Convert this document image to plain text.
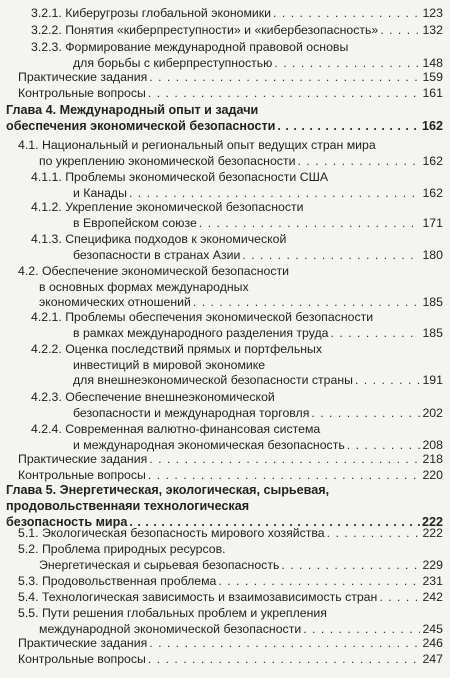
3.2.1. Киберугрозы глобальной экономики . . .	123
3.2.2. Понятия «киберпреступности» и «кибербезопасность» . . .	132
3.2.3. Формирование международной правовой основы
для борьбы с киберпреступностью . . .	148
Практические задания . . .	159
Контрольные вопросы . . .	161
Глава 4. Международный опыт и задачи
обеспечения экономической безопасности . . .	162
4.1. Национальный и региональный опыт ведущих стран мира
по укреплению экономической безопасности . . .	162
4.1.1. Проблемы экономической безопасности США
и Канады . . .	162
4.1.2. Укрепление экономической безопасности
в Европейском союзе . . .	171
4.1.3. Специфика подходов к экономической
безопасности в странах Азии . . .	180
4.2. Обеспечение экономической безопасности
в основных формах международных
экономических отношений . . .	185
4.2.1. Проблемы обеспечения экономической безопасности
в рамках международного разделения труда . . .	185
4.2.2. Оценка последствий прямых и портфельных
инвестиций в мировой экономике
для внешнеэкономической безопасности страны . . .	191
4.2.3. Обеспечение внешнеэкономической
безопасности и международная торговля . . .	202
4.2.4. Современная валютно-финансовая система
и международная экономическая безопасность . . .	208
Практические задания . . .	218
Контрольные вопросы . . .	220
Глава 5. Энергетическая, экологическая, сырьевая,
продовольственнаяи технологическая
безопасность мира . . .	222
5.1. Экологическая безопасность мирового хозяйства . . .	222
5.2. Проблема природных ресурсов.
Энергетическая и сырьевая безопасность . . .	229
5.3. Продовольственная проблема . . .	231
5.4. Технологическая зависимость и взаимозависимость стран . . .	242
5.5. Пути решения глобальных проблем и укрепления
международной экономической безопасности . . .	245
Практические задания . . .	246
Контрольные вопросы . . .	247
